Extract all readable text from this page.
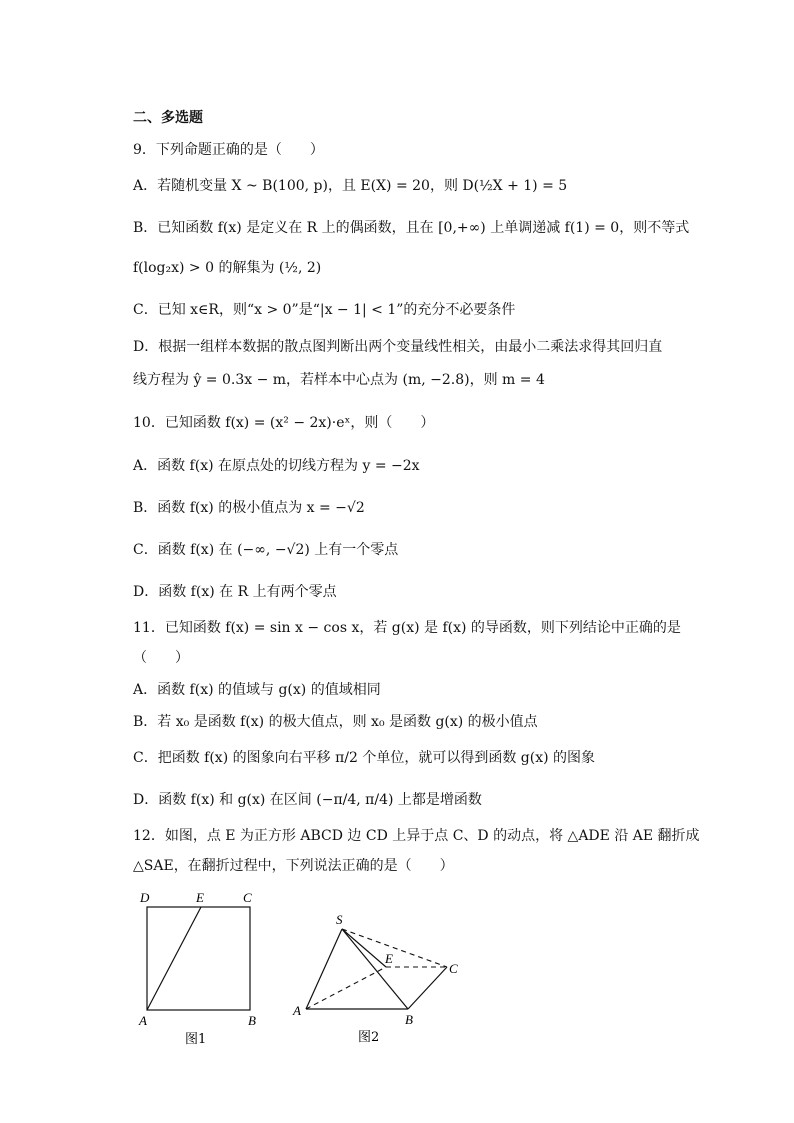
二、多选题
9．下列命题正确的是（　　）
A．若随机变量 X ~ B(100, p)，且 E(X) = 20，则 D(½X + 1) = 5
B．已知函数 f(x) 是定义在 R 上的偶函数，且在 [0,+∞) 上单调递减 f(1) = 0，则不等式
f(log₂x) > 0 的解集为 (½, 2)
C．已知 x∈R，则“x > 0”是“|x − 1| < 1”的充分不必要条件
D．根据一组样本数据的散点图判断出两个变量线性相关，由最小二乘法求得其回归直
线方程为 ŷ = 0.3x − m，若样本中心点为 (m, −2.8)，则 m = 4
10．已知函数 f(x) = (x² − 2x)·eˣ，则（　　）
A．函数 f(x) 在原点处的切线方程为 y = −2x
B．函数 f(x) 的极小值点为 x = −√2
C．函数 f(x) 在 (−∞, −√2) 上有一个零点
D．函数 f(x) 在 R 上有两个零点
11．已知函数 f(x) = sin x − cos x，若 g(x) 是 f(x) 的导函数，则下列结论中正确的是
（　　）
A．函数 f(x) 的值域与 g(x) 的值域相同
B．若 x₀ 是函数 f(x) 的极大值点，则 x₀ 是函数 g(x) 的极小值点
C．把函数 f(x) 的图象向右平移 π/2 个单位，就可以得到函数 g(x) 的图象
D．函数 f(x) 和 g(x) 在区间 (−π/4, π/4) 上都是增函数
12．如图，点 E 为正方形 ABCD 边 CD 上异于点 C、D 的动点，将 △ADE 沿 AE 翻折成
△SAE，在翻折过程中，下列说法正确的是（　　）
D	E	C
A	B
图1
S
E
C
A
B
图2
